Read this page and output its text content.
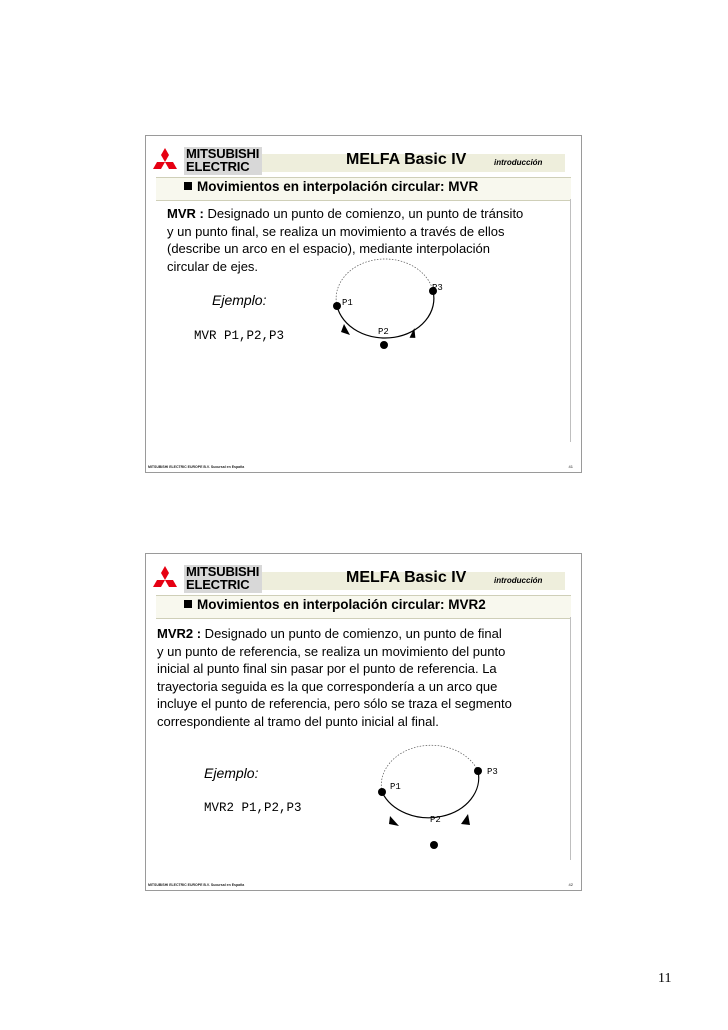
MITSUBISHI
ELECTRIC	MELFA Basic IV	introducción
Movimientos en interpolación circular: MVR
MVR : Designado un punto de comienzo, un punto de tránsito
y un punto final, se realiza un movimiento a través de ellos
(describe un arco en el espacio), mediante interpolación
circular de ejes.
Ejemplo:
MVR P1,P2,P3
P1
P2
P3
MITSUBISHI ELECTRIC EUROPE B.V. Sucursal en España	41
MITSUBISHI
ELECTRIC	MELFA Basic IV	introducción
Movimientos en interpolación circular: MVR2
MVR2 : Designado un punto de comienzo, un punto de final
y un punto de referencia, se realiza un movimiento del punto
inicial al punto final sin pasar por el punto de referencia. La
trayectoria seguida es la que correspondería a un arco que
incluye el punto de referencia, pero sólo se traza el segmento
correspondiente al tramo del punto inicial al final.
Ejemplo:
MVR2 P1,P2,P3
P1
P2
P3
MITSUBISHI ELECTRIC EUROPE B.V. Sucursal en España	42
11
